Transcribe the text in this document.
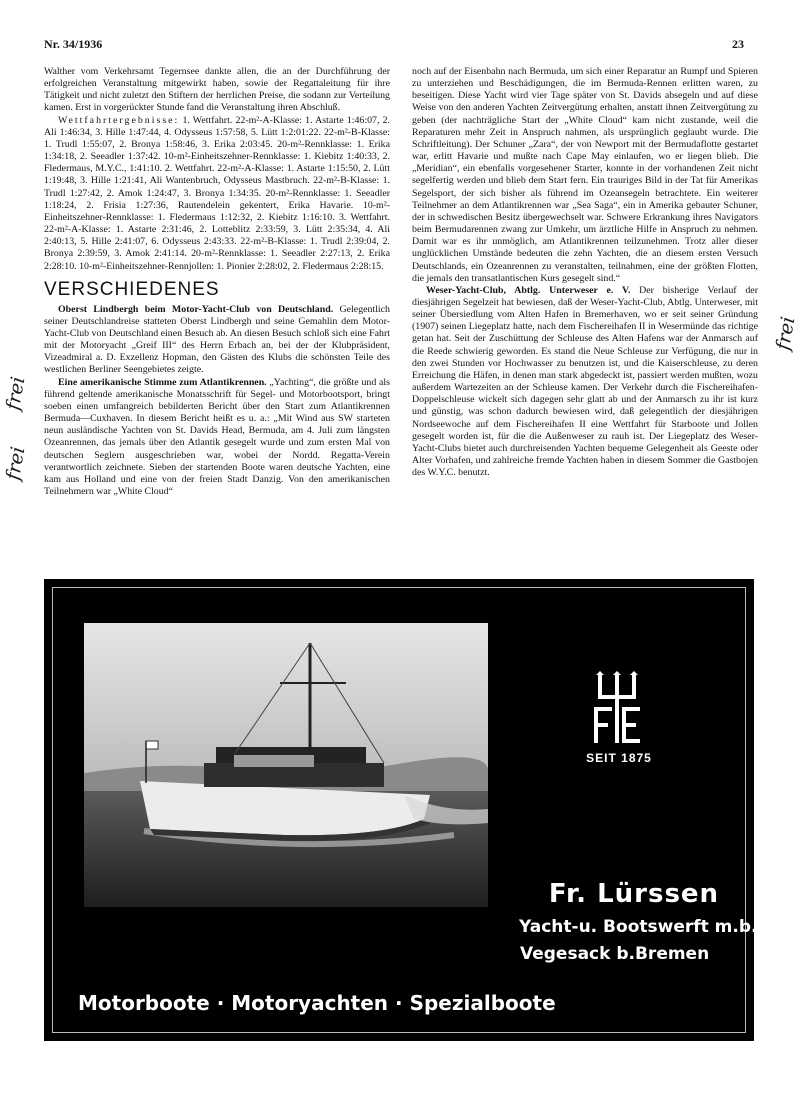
Nr. 34/1936	23

Walther vom Verkehrsamt Tegernsee dankte allen, die an der Durchführung der erfolgreichen Veranstaltung mitgewirkt haben, sowie der Regattaleitung für ihre Tätigkeit und nicht zuletzt den Stiftern der herrlichen Preise, die sodann zur Verteilung kamen. Erst in vorgerückter Stunde fand die Veranstaltung ihren Abschluß.

Wettfahrtergebnisse: 1. Wettfahrt. 22-m²-A-Klasse: 1. Astarte 1:46:07, 2. Ali 1:46:34, 3. Hille 1:47:44, 4. Odysseus 1:57:58, 5. Lütt 1:2:01:22. 22-m²-B-Klasse: 1. Trudl 1:55:07, 2. Bronya 1:58:46, 3. Erika 2:03:45. 20-m²-Rennklasse: 1. Erika 1:34:18, 2. Seeadler 1:37:42. 10-m²-Einheitszehner-Rennklasse: 1. Kiebitz 1:40:33, 2. Fledermaus, M.Y.C., 1:41:10. 2. Wettfahrt. 22-m²-A-Klasse: 1. Astarte 1:15:50, 2. Lütt 1:19:48, 3. Hille 1:21:41, Ali Wantenbruch, Odysseus Mastbruch. 22-m²-B-Klasse: 1. Trudl 1:27:42, 2. Amok 1:24:47, 3. Bronya 1:34:35. 20-m²-Rennklasse: 1. Seeadler 1:18:24, 2. Frisia 1:27:36, Rautendelein gekentert, Erika Havarie. 10-m²-Einheitszehner-Rennklasse: 1. Fledermaus 1:12:32, 2. Kiebitz 1:16:10. 3. Wettfahrt. 22-m²-A-Klasse: 1. Astarte 2:31:46, 2. Lotteblitz 2:33:59, 3. Lütt 2:35:34, 4. Ali 2:40:13, 5. Hille 2:41:07, 6. Odysseus 2:43:33. 22-m²-B-Klasse: 1. Trudl 2:39:04, 2. Bronya 2:39:59, 3. Amok 2:41:14. 20-m²-Rennklasse: 1. Seeadler 2:27:13, 2. Erika 2:28:10. 10-m²-Einheitszehner-Rennjollen: 1. Pionier 2:28:02, 2. Fledermaus 2:28:15.

VERSCHIEDENES

Oberst Lindbergh beim Motor-Yacht-Club von Deutschland. Gelegentlich seiner Deutschlandreise statteten Oberst Lindbergh und seine Gemahlin dem Motor-Yacht-Club von Deutschland einen Besuch ab. An diesen Besuch schloß sich eine Fahrt mit der Motoryacht „Greif III“ des Herrn Erbach an, bei der der Klubpräsident, Vizeadmiral a. D. Exzellenz Hopman, den Gästen des Klubs die schönsten Teile des westlichen Berliner Seengebietes zeigte.

Eine amerikanische Stimme zum Atlantikrennen. „Yachting“, die größte und als führend geltende amerikanische Monatsschrift für Segel- und Motorbootsport, bringt soeben einen umfangreich bebilderten Bericht über den Start zum Atlantikrennen Bermuda—Cuxhaven. In diesem Bericht heißt es u. a.: „Mit Wind aus SW starteten neun ausländische Yachten von St. Davids Head, Bermuda, am 4. Juli zum längsten Ozeanrennen, das jemals über den Atlantik gesegelt wurde und zum ersten Mal von deutschen Seglern ausgeschrieben war, wobei der Nordd. Regatta-Verein verantwortlich zeichnete. Sieben der startenden Boote waren deutsche Yachten, eine kam aus Holland und eine von der freien Stadt Danzig. Von den amerikanischen Teilnehmern war „White Cloud“

noch auf der Eisenbahn nach Bermuda, um sich einer Reparatur an Rumpf und Spieren zu unterziehen und Beschädigungen, die im Bermuda-Rennen erlitten waren, zu beseitigen. Diese Yacht wird vier Tage später von St. Davids absegeln und auf diese Weise von den anderen Yachten Zeitvergütung erhalten, anstatt ihnen Zeitvergütung zu geben (der nachträgliche Start der „White Cloud“ kam nicht zustande, weil die Reparaturen mehr Zeit in Anspruch nahmen, als ursprünglich geglaubt wurde. Die Schriftleitung). Der Schuner „Zara“, der von Newport mit der Bermudaflotte gestartet war, erlitt Havarie und mußte nach Cape May einlaufen, wo er liegen blieb. Die „Meridian“, ein ebenfalls vorgesehener Starter, konnte in der vorhandenen Zeit nicht segelfertig werden und blieb dem Start fern. Ein trauriges Bild in der Tat für Amerikas Segelsport, der sich bisher als führend im Ozeansegeln betrachtete. Ein weiterer Teilnehmer an dem Atlantikrennen war „Sea Saga“, ein in Amerika gebauter Schuner, der in schwedischen Besitz übergewechselt war. Schwere Erkrankung ihres Navigators beim Bermudarennen zwang zur Umkehr, um ärztliche Hilfe in Anspruch zu nehmen. Damit war es ihr unmöglich, am Atlantikrennen teilzunehmen. Trotz aller dieser unglücklichen Umstände bedeuten die zehn Yachten, die an diesem ersten Versuch Deutschlands, ein Ozeanrennen zu veranstalten, teilnahmen, eine der größten Flotten, die jemals den transatlantischen Kurs gesegelt sind.“

Weser-Yacht-Club, Abtlg. Unterweser e. V. Der bisherige Verlauf der diesjährigen Segelzeit hat bewiesen, daß der Weser-Yacht-Club, Abtlg. Unterweser, mit seiner Übersiedlung vom Alten Hafen in Bremerhaven, wo er seit seiner Gründung (1907) seinen Liegeplatz hatte, nach dem Fischereihafen II in Wesermünde das richtige getan hat. Seit der Zuschüttung der Schleuse des Alten Hafens war der Anmarsch auf die Reede schwierig geworden. Es stand die Neue Schleuse zur Verfügung, die nur in den zwei Stunden vor Hochwasser zu benutzen ist, und die Kaiserschleuse, zu deren Erreichung die Häfen, in denen man stark abgedeckt ist, passiert werden mußten, wozu außerdem Wartezeiten an der Schleuse kamen. Der Verkehr durch die Fischereihafen-Doppelschleuse wickelt sich dagegen sehr glatt ab und der Anmarsch zu ihr ist kurz und günstig, was schon dadurch bewiesen wird, daß gelegentlich der diesjährigen Nordseewoche auf dem Fischereihafen II eine Wettfahrt für Starboote und Jollen gesegelt worden ist, für die die Außenweser zu rauh ist. Der Liegeplatz des Weser-Yacht-Clubs bietet auch durchreisenden Yachten bequeme Gelegenheit als Geeste oder Alter Vorhafen, und zahlreiche fremde Yachten haben in diesem Sommer die Gastbojen des W.Y.C. benutzt.

frei
frei
frei
SEIT 1875
Fr. Lürssen
Yacht-u. Bootswerft m.b.H.
Vegesack b.Bremen
Motorboote · Motoryachten · Spezialboote
